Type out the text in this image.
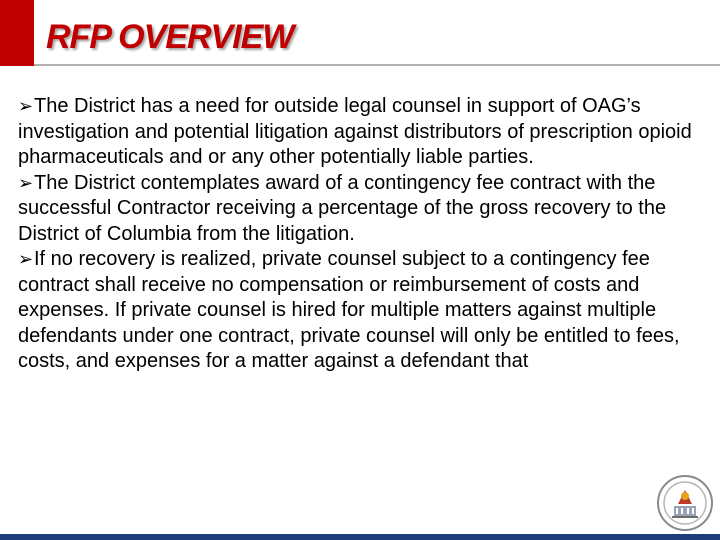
RFP OVERVIEW

➢The District has a need for outside legal counsel in support of OAG’s investigation and potential litigation against distributors of prescription opioid pharmaceuticals and or any other potentially liable parties.

➢The District contemplates award of a contingency fee contract with the successful Contractor receiving a percentage of the gross recovery to the District of Columbia from the litigation.

➢If no recovery is realized, private counsel subject to a contingency fee contract shall receive no compensation or reimbursement of costs and expenses. If private counsel is hired for multiple matters against multiple defendants under one contract, private counsel will only be entitled to fees, costs, and expenses for a matter against a defendant that
